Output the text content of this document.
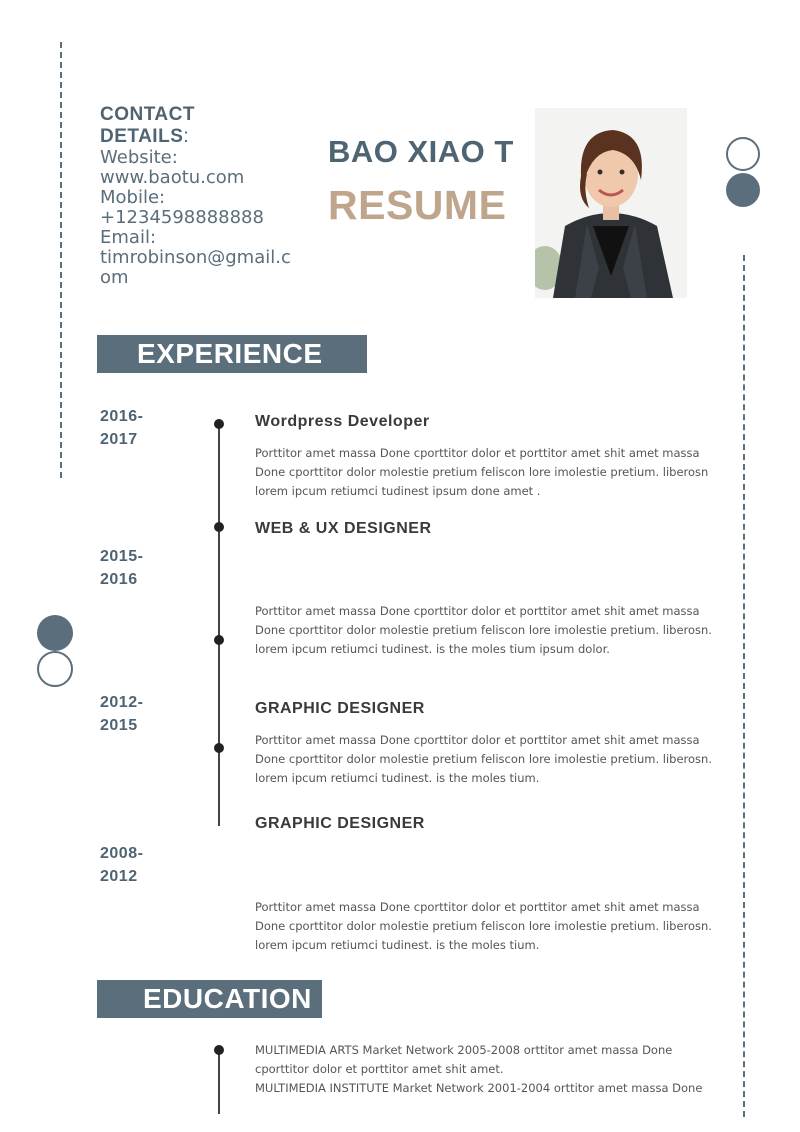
CONTACT
DETAILS:
Website:
www.baotu.com
Mobile:
+1234598888888
Email:
timrobinson@gmail.com
BAO XIAO T
RESUME
EXPERIENCE
2016-
2017
Wordpress Developer
Porttitor amet massa Done cporttitor dolor et porttitor amet shit amet massa Done cporttitor dolor molestie pretium feliscon lore imolestie pretium. liberosn lorem ipcum retiumci tudinest ipsum done amet .
2015-
2016
WEB & UX DESIGNER
Porttitor amet massa Done cporttitor dolor et porttitor amet shit amet massa Done cporttitor dolor molestie pretium feliscon lore imolestie pretium. liberosn. lorem ipcum retiumci tudinest. is the moles tium ipsum dolor.
2012-
2015
GRAPHIC DESIGNER
Porttitor amet massa Done cporttitor dolor et porttitor amet shit amet massa Done cporttitor dolor molestie pretium feliscon lore imolestie pretium. liberosn. lorem ipcum retiumci tudinest. is the moles tium.
2008-
2012
GRAPHIC DESIGNER
Porttitor amet massa Done cporttitor dolor et porttitor amet shit amet massa Done cporttitor dolor molestie pretium feliscon lore imolestie pretium. liberosn. lorem ipcum retiumci tudinest. is the moles tium.
EDUCATION
MULTIMEDIA ARTS Market Network 2005-2008 orttitor amet massa Done cporttitor dolor et porttitor amet shit amet.
MULTIMEDIA INSTITUTE Market Network 2001-2004 orttitor amet massa Done
